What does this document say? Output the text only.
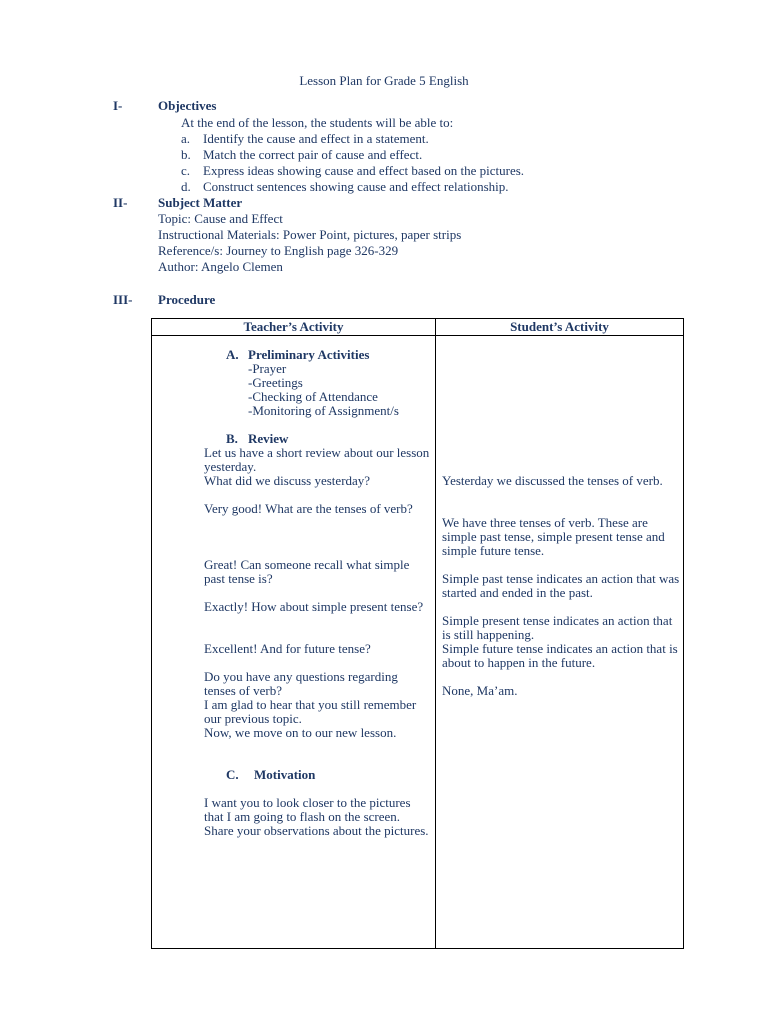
Lesson Plan for Grade 5 English
I-	Objectives
At the end of the lesson, the students will be able to:
a. Identify the cause and effect in a statement.
b. Match the correct pair of cause and effect.
c. Express ideas showing cause and effect based on the pictures.
d. Construct sentences showing cause and effect relationship.
II- Subject Matter
Topic: Cause and Effect
Instructional Materials: Power Point, pictures, paper strips
Reference/s: Journey to English page 326-329
Author: Angelo Clemen
III- Procedure
Teacher’s Activity	Student’s Activity
A. Preliminary Activities
-Prayer
-Greetings
-Checking of Attendance
-Monitoring of Assignment/s
B. Review
Let us have a short review about our lesson yesterday.
What did we discuss yesterday?
Very good! What are the tenses of verb?
Great! Can someone recall what simple past tense is?
Exactly! How about simple present tense?
Excellent! And for future tense?
Do you have any questions regarding tenses of verb?
I am glad to hear that you still remember our previous topic.
Now, we move on to our new lesson.
Yesterday we discussed the tenses of verb.
We have three tenses of verb. These are simple past tense, simple present tense and simple future tense.
Simple past tense indicates an action that was started and ended in the past.
Simple present tense indicates an action that is still happening.
Simple future tense indicates an action that is about to happen in the future.
None, Ma’am.
C. Motivation
I want you to look closer to the pictures that I am going to flash on the screen. Share your observations about the pictures.
